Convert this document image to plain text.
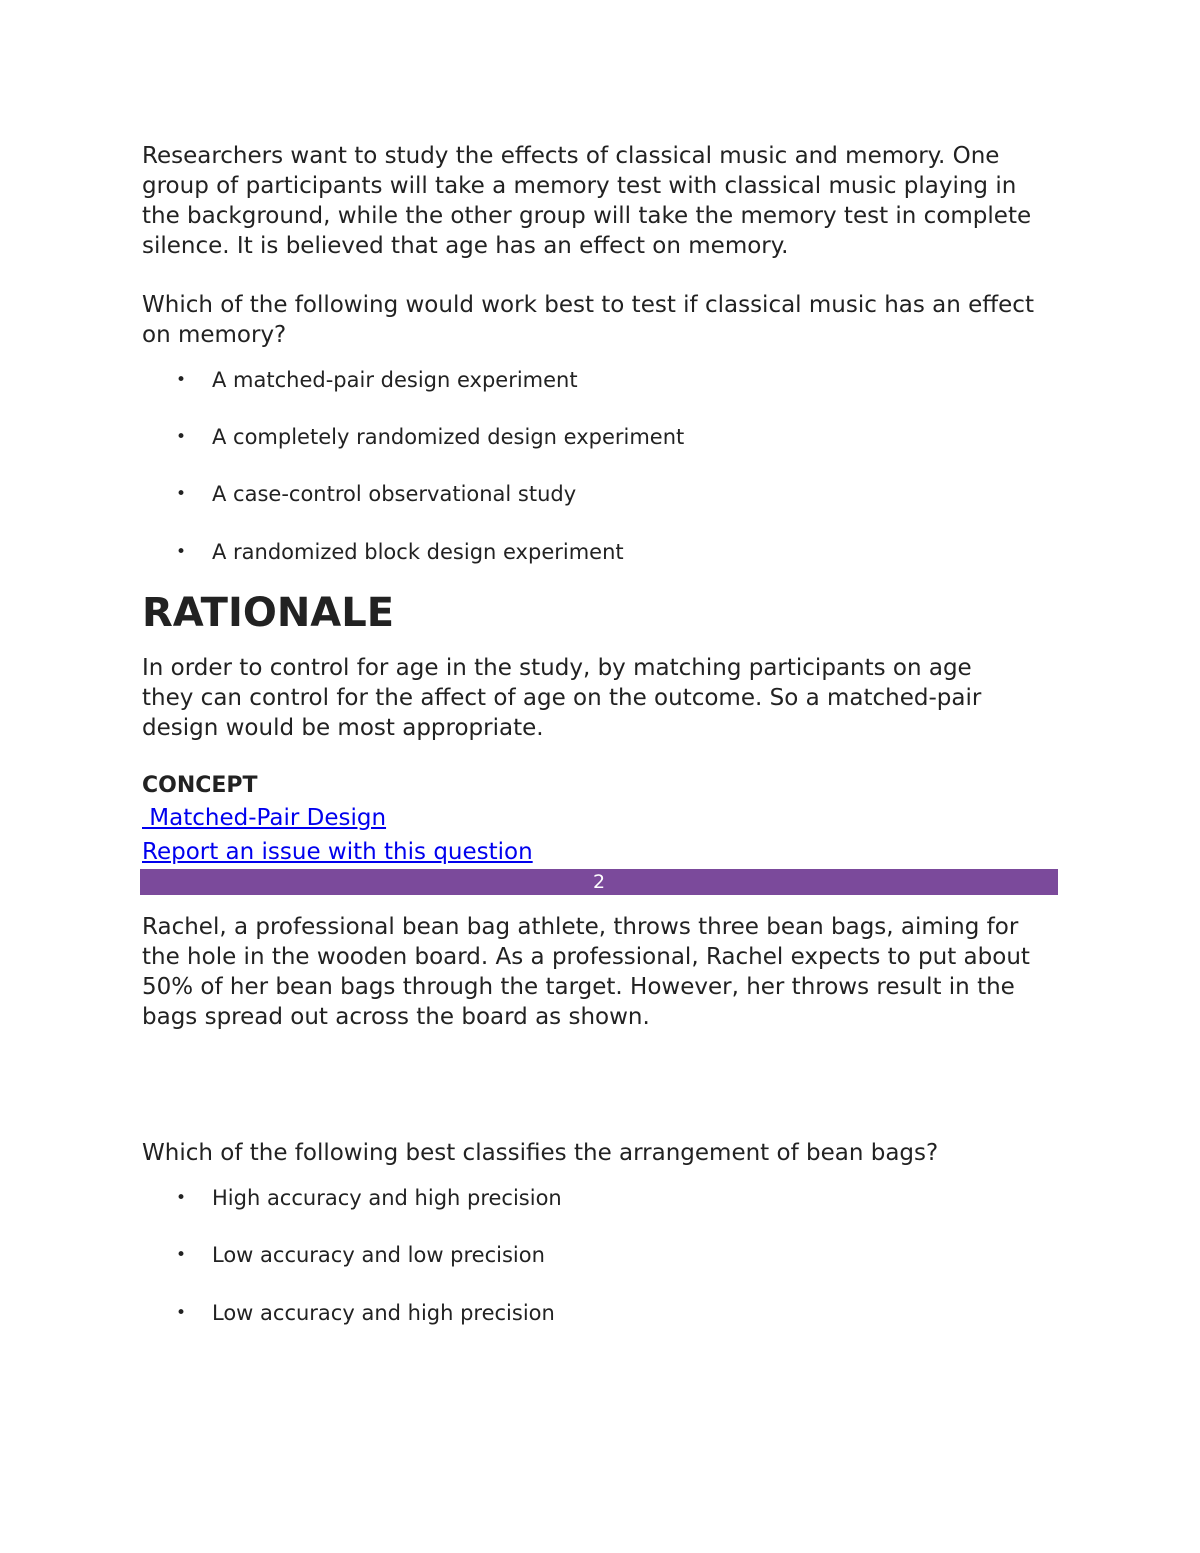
Researchers want to study the effects of classical music and memory. One group of participants will take a memory test with classical music playing in the background, while the other group will take the memory test in complete silence. It is believed that age has an effect on memory.

Which of the following would work best to test if classical music has an effect on memory?

• A matched-pair design experiment
• A completely randomized design experiment
• A case-control observational study
• A randomized block design experiment
RATIONALE

In order to control for age in the study, by matching participants on age they can control for the affect of age on the outcome. So a matched-pair design would be most appropriate.

CONCEPT
Matched-Pair Design
Report an issue with this question
2

Rachel, a professional bean bag athlete, throws three bean bags, aiming for the hole in the wooden board. As a professional, Rachel expects to put about 50% of her bean bags through the target. However, her throws result in the bags spread out across the board as shown.

Which of the following best classifies the arrangement of bean bags?

• High accuracy and high precision
• Low accuracy and low precision
• Low accuracy and high precision
